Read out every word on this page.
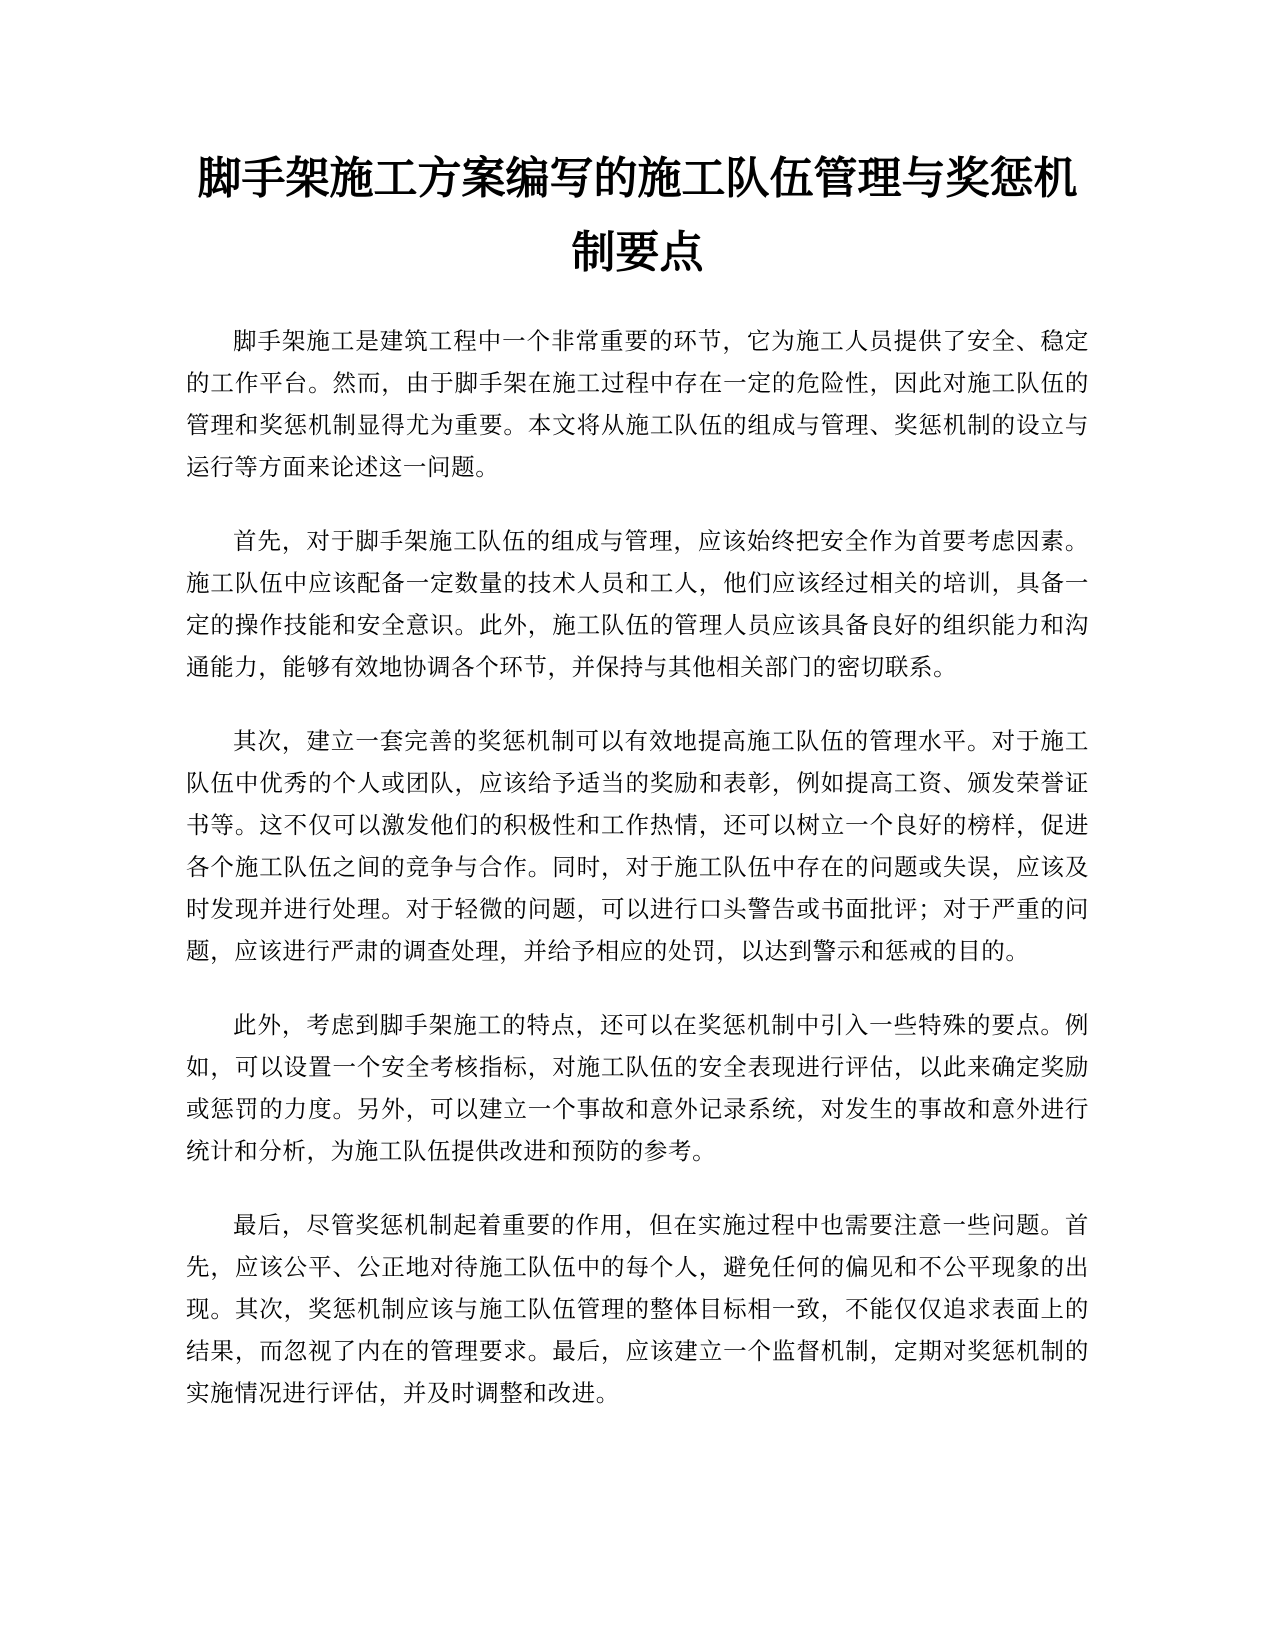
脚手架施工方案编写的施工队伍管理与奖惩机制要点

脚手架施工是建筑工程中一个非常重要的环节，它为施工人员提供了安全、稳定的工作平台。然而，由于脚手架在施工过程中存在一定的危险性，因此对施工队伍的管理和奖惩机制显得尤为重要。本文将从施工队伍的组成与管理、奖惩机制的设立与运行等方面来论述这一问题。

首先，对于脚手架施工队伍的组成与管理，应该始终把安全作为首要考虑因素。施工队伍中应该配备一定数量的技术人员和工人，他们应该经过相关的培训，具备一定的操作技能和安全意识。此外，施工队伍的管理人员应该具备良好的组织能力和沟通能力，能够有效地协调各个环节，并保持与其他相关部门的密切联系。

其次，建立一套完善的奖惩机制可以有效地提高施工队伍的管理水平。对于施工队伍中优秀的个人或团队，应该给予适当的奖励和表彰，例如提高工资、颁发荣誉证书等。这不仅可以激发他们的积极性和工作热情，还可以树立一个良好的榜样，促进各个施工队伍之间的竞争与合作。同时，对于施工队伍中存在的问题或失误，应该及时发现并进行处理。对于轻微的问题，可以进行口头警告或书面批评；对于严重的问题，应该进行严肃的调查处理，并给予相应的处罚，以达到警示和惩戒的目的。

此外，考虑到脚手架施工的特点，还可以在奖惩机制中引入一些特殊的要点。例如，可以设置一个安全考核指标，对施工队伍的安全表现进行评估，以此来确定奖励或惩罚的力度。另外，可以建立一个事故和意外记录系统，对发生的事故和意外进行统计和分析，为施工队伍提供改进和预防的参考。

最后，尽管奖惩机制起着重要的作用，但在实施过程中也需要注意一些问题。首先，应该公平、公正地对待施工队伍中的每个人，避免任何的偏见和不公平现象的出现。其次，奖惩机制应该与施工队伍管理的整体目标相一致，不能仅仅追求表面上的结果，而忽视了内在的管理要求。最后，应该建立一个监督机制，定期对奖惩机制的实施情况进行评估，并及时调整和改进。
